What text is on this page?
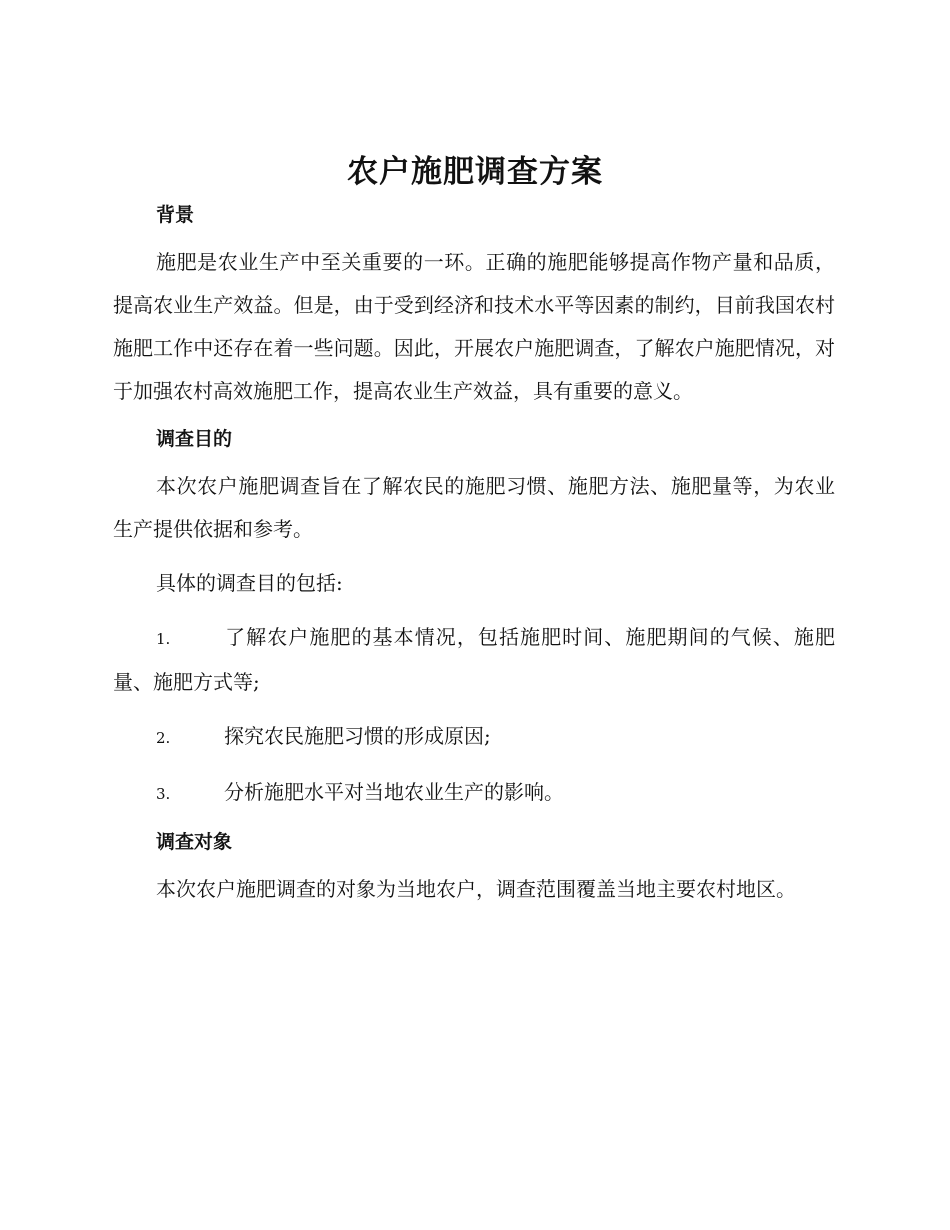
农户施肥调查方案
背景

施肥是农业生产中至关重要的一环。正确的施肥能够提高作物产量和品质，提高农业生产效益。但是，由于受到经济和技术水平等因素的制约，目前我国农村施肥工作中还存在着一些问题。因此，开展农户施肥调查，了解农户施肥情况，对于加强农村高效施肥工作，提高农业生产效益，具有重要的意义。

调查目的

本次农户施肥调查旨在了解农民的施肥习惯、施肥方法、施肥量等，为农业生产提供依据和参考。

具体的调查目的包括:

1.	了解农户施肥的基本情况，包括施肥时间、施肥期间的气候、施肥量、施肥方式等;

2.	探究农民施肥习惯的形成原因;

3.	分析施肥水平对当地农业生产的影响。

调查对象

本次农户施肥调查的对象为当地农户，调查范围覆盖当地主要农村地区。
